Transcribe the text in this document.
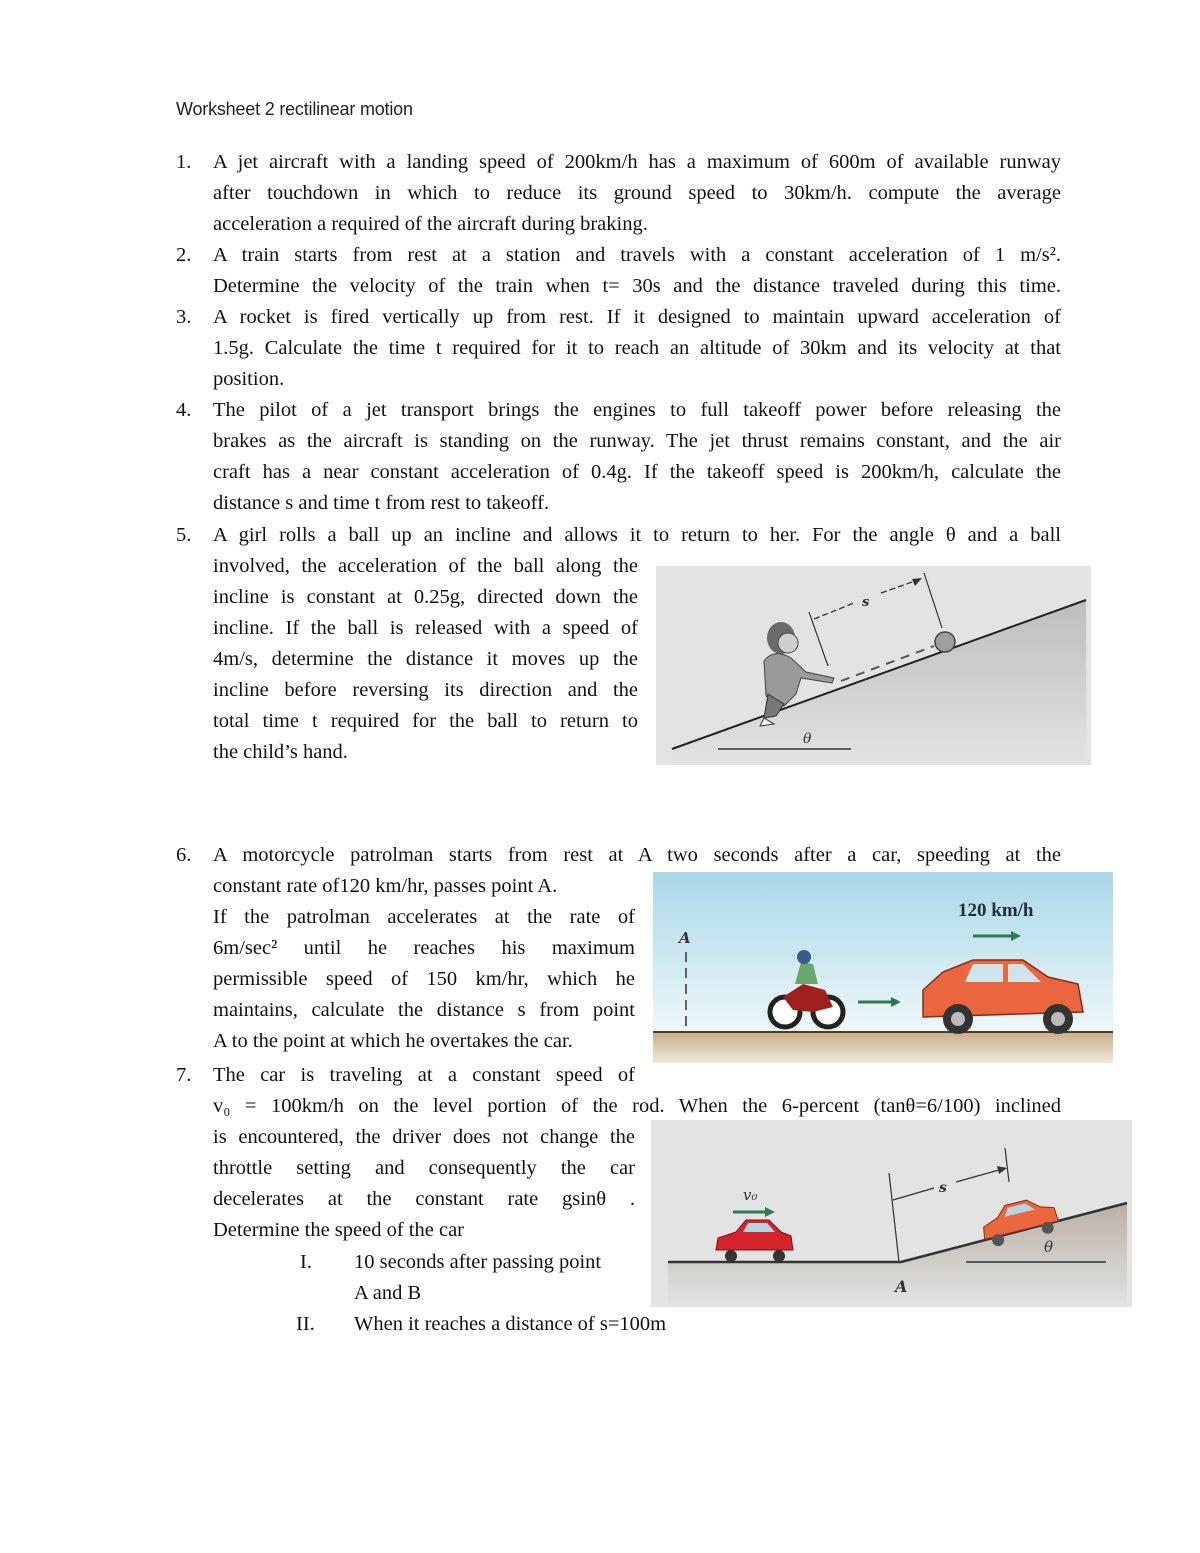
Worksheet 2 rectilinear motion
1.	A jet aircraft with a landing speed of 200km/h has a maximum of 600m of available runway
after touchdown in which to reduce its ground speed to 30km/h. compute the average
acceleration a required of the aircraft during braking.
2.	A train starts from rest at a station and travels with a constant acceleration of 1 m/s².
Determine the velocity of the train when t= 30s and the distance traveled during this time.
3.	A rocket is fired vertically up from rest. If it designed to maintain upward acceleration of
1.5g. Calculate the time t required for it to reach an altitude of 30km and its velocity at that
position.
4.	The pilot of a jet transport brings the engines to full takeoff power before releasing the
brakes as the aircraft is standing on the runway. The jet thrust remains constant, and the air
craft has a near constant acceleration of 0.4g. If the takeoff speed is 200km/h, calculate the
distance s and time t from rest to takeoff.
5.	A girl rolls a ball up an incline and allows it to return to her. For the angle θ and a ball
involved, the acceleration of the ball along the
incline is constant at 0.25g, directed down the
incline. If the ball is released with a speed of
4m/s, determine the distance it moves up the
incline before reversing its direction and the
total time t required for the ball to return to
the child’s hand.
θ
s
6.	A motorcycle patrolman starts from rest at A two seconds after a car, speeding at the
constant rate of120 km/hr, passes point A.
If the patrolman accelerates at the rate of
6m/sec² until he reaches his maximum
permissible speed of 150 km/hr, which he
maintains, calculate the distance s from point
A to the point at which he overtakes the car.
A
120 km/h
7.	The car is traveling at a constant speed of
v₀ = 100km/h on the level portion of the rod. When the 6-percent (tanθ=6/100) inclined
is encountered, the driver does not change the
throttle setting and consequently the car
decelerates at the constant rate gsinθ .
Determine the speed of the car
I. 10 seconds after passing point
A and B
II. When it reaches a distance of s=100m
θ
A
s
v₀
